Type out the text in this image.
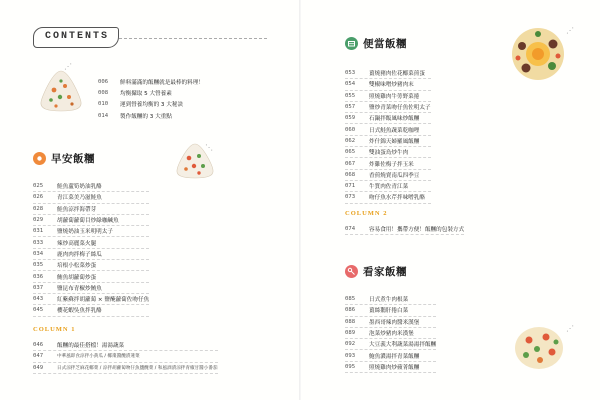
CONTENTS
⋰
006	鮮料滿滿的飯糰就是最棒的料理！
008	均衡攝取 5 大營養素
010	運到營養均衡的 3 大秘訣
014	製作飯糰的 3 大重點
早安飯糰
⋱
025	鮭魚蘆筍奶油乳酪
026	青江菜美乃滋鮭魚
028	鮭魚涼拌海帶芽
029	胡蘿蔔蘿蔔目炒綠咖鹹魚
031	鹽燒奶油玉米明明太子
033	辣炒高麗菜火腿
034	鹿肉肉拌梅子絲瓜
035	培根小松菜炒蛋
036	鮪魚胡蘿蔔炒蛋
037	鹽昆布青椒炒鮪魚
043	紅紫蘇拌胡蘿蔔 × 鹽醃蘿蔔佐吻仔魚
045	櫻花蝦吳魚拌乳酪
COLUMN 1
046	飯糰的最佳搭檔！湯湯蔬菜
047	中華風即食涼拌小黃瓜 / 椰棗醬醃漬蓮菜
049	日式涼拌芝麻花椰菜 / 涼拌胡蘿蔔吻仔魚鹽醃菜 / 和風酒漬涼拌青椒甘醬小番茄
便當飯糰
⋰
053	薑燒豬肉佐花椰菜煎蛋
054	雙椒味噌炒豬肉末
055	照燒雞肉牛蒡野菜捲
057	鹽炒青菜吻仔魚佐明太子
059	石鍋拌飯風味炒飯糰
060	日式鮭魚蔬菜乾咖哩
062	炸什錦天婦羅風飯糰
065	雙油蛋鳥炒牛肉
067	炸雞佐梅子拌玉米
068	香煎燒賣南瓜四季豆
071	牛質肉佐青江菜
073	吻仔魚水芹拌味噌乳酪
COLUMN 2
074	容易食用！攜帶方便！飯糰的包裝方式
看家飯糰
⋰
085	日式煮牛肉根菜
086	薑絲鵝肝捲白菜
088	墨西哥辣肉醬米漢堡
089	泡菜炒豬肉米漢堡
092	大豆義大利蔬菜湯湯拌飯糰
093	鮑魚濃湯拌青菜飯糰
095	照燒雞肉炒蘋菁飯糰
